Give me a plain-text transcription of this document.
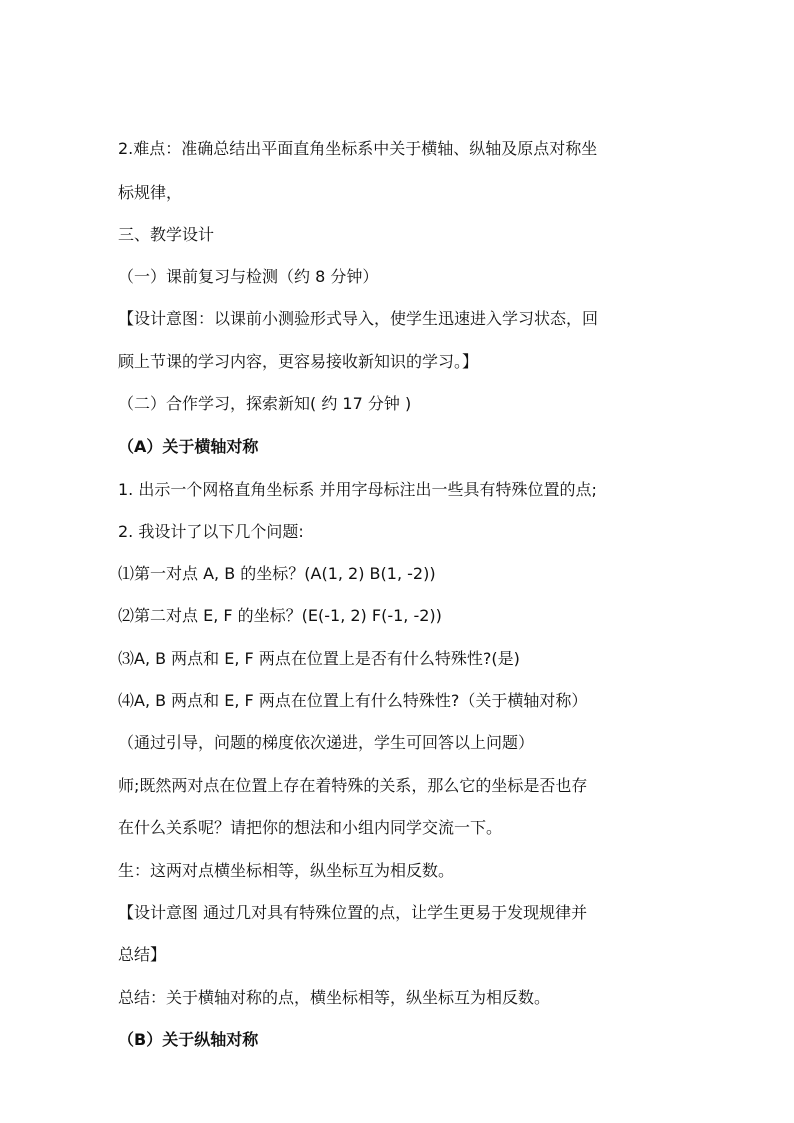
2.难点：准确总结出平面直角坐标系中关于横轴、纵轴及原点对称坐
标规律，
三、教学设计
（一）课前复习与检测（约 8 分钟）
【设计意图：以课前小测验形式导入，使学生迅速进入学习状态，回
顾上节课的学习内容，更容易接收新知识的学习。】
（二）合作学习，探索新知( 约 17 分钟 )
（A）关于横轴对称
1. 出示一个网格直角坐标系 并用字母标注出一些具有特殊位置的点;
2. 我设计了以下几个问题:
⑴第一对点 A, B 的坐标？(A(1, 2) B(1, -2))
⑵第二对点 E, F 的坐标？(E(-1, 2) F(-1, -2))
⑶A, B 两点和 E, F 两点在位置上是否有什么特殊性?(是)
⑷A, B 两点和 E, F 两点在位置上有什么特殊性?（关于横轴对称）
（通过引导，问题的梯度依次递进，学生可回答以上问题）
师;既然两对点在位置上存在着特殊的关系，那么它的坐标是否也存
在什么关系呢？请把你的想法和小组内同学交流一下。
生：这两对点横坐标相等，纵坐标互为相反数。
【设计意图 通过几对具有特殊位置的点，让学生更易于发现规律并
总结】
总结：关于横轴对称的点，横坐标相等，纵坐标互为相反数。
（B）关于纵轴对称
